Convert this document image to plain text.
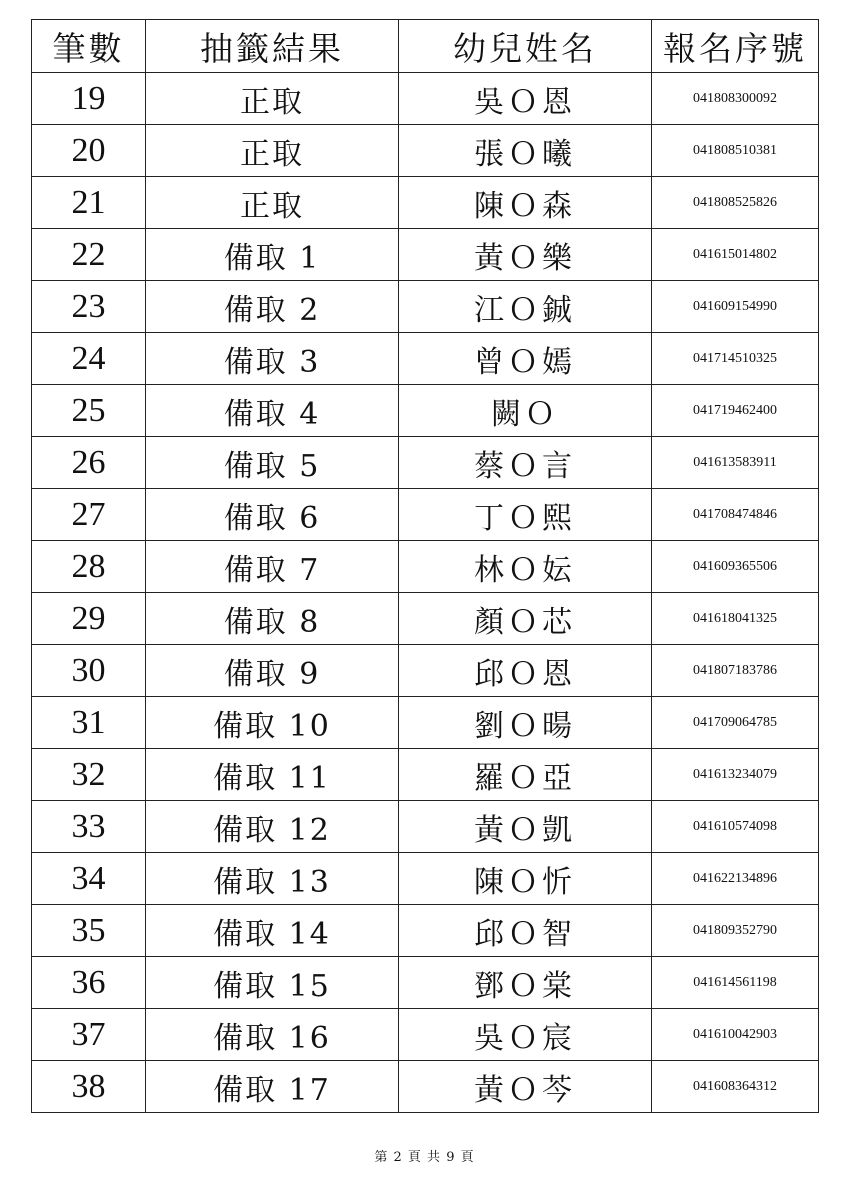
筆數	抽籤結果	幼兒姓名	報名序號
19	正取	吳Ｏ恩	041808300092
20	正取	張Ｏ曦	041808510381
21	正取	陳Ｏ森	041808525826
22	備取 1	黃Ｏ樂	041615014802
23	備取 2	江Ｏ鋮	041609154990
24	備取 3	曾Ｏ嫣	041714510325
25	備取 4	闕Ｏ	041719462400
26	備取 5	蔡Ｏ言	041613583911
27	備取 6	丁Ｏ熙	041708474846
28	備取 7	林Ｏ妘	041609365506
29	備取 8	顏Ｏ芯	041618041325
30	備取 9	邱Ｏ恩	041807183786
31	備取 10	劉Ｏ暘	041709064785
32	備取 11	羅Ｏ亞	041613234079
33	備取 12	黃Ｏ凱	041610574098
34	備取 13	陳Ｏ忻	041622134896
35	備取 14	邱Ｏ智	041809352790
36	備取 15	鄧Ｏ棠	041614561198
37	備取 16	吳Ｏ宸	041610042903
38	備取 17	黃Ｏ芩	041608364312
第 2 頁 共 9 頁
